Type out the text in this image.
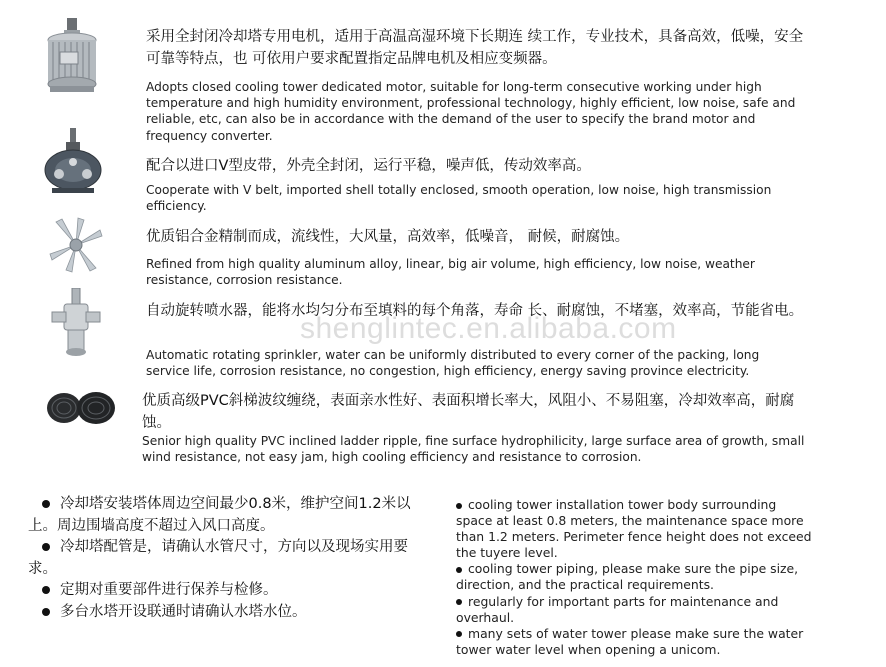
采用全封闭冷却塔专用电机，适用于高温高湿环境下长期连 续工作，专业技术，具备高效，低噪，安全可靠等特点，也 可依用户要求配置指定品牌电机及相应变频器。
Adopts closed cooling tower dedicated motor, suitable for long-term consecutive working under high temperature and high humidity environment, professional technology, highly efficient, low noise, safe and reliable, etc, can also be in accordance with the demand of the user to specify the brand motor and frequency converter.
配合以进口V型皮带，外壳全封闭，运行平稳，噪声低，传动效率高。
Cooperate with V belt, imported shell totally enclosed, smooth operation, low noise, high transmission efficiency.
优质铝合金精制而成，流线性，大风量，高效率，低噪音， 耐候，耐腐蚀。
Refined from high quality aluminum alloy, linear, big air volume, high efficiency, low noise, weather resistance, corrosion resistance.
自动旋转喷水器，能将水均匀分布至填料的每个角落，寿命 长、耐腐蚀，不堵塞，效率高，节能省电。
Automatic rotating sprinkler, water can be uniformly distributed to every corner of the packing, long service life, corrosion resistance, no congestion, high efficiency, energy saving province electricity.
shenglintec.en.alibaba.com
优质高级PVC斜梯波纹缠绕，表面亲水性好、表面积增长率大，风阻小、不易阻塞，冷却效率高，耐腐蚀。
Senior high quality PVC inclined ladder ripple, fine surface hydrophilicity, large surface area of growth, small wind resistance, not easy jam, high cooling efficiency and resistance to corrosion.

冷却塔安装塔体周边空间最少0.8米，维护空间1.2米以上。周边围墙高度不超过入风口高度。

冷却塔配管是，请确认水管尺寸，方向以及现场实用要求。

定期对重要部件进行保养与检修。

多台水塔开设联通时请确认水塔水位。

cooling tower installation tower body surrounding space at least 0.8 meters, the maintenance space more than 1.2 meters. Perimeter fence height does not exceed the tuyere level.

cooling tower piping, please make sure the pipe size, direction, and the practical requirements.

regularly for important parts for maintenance and overhaul.

many sets of water tower please make sure the water tower water level when opening a unicom.
